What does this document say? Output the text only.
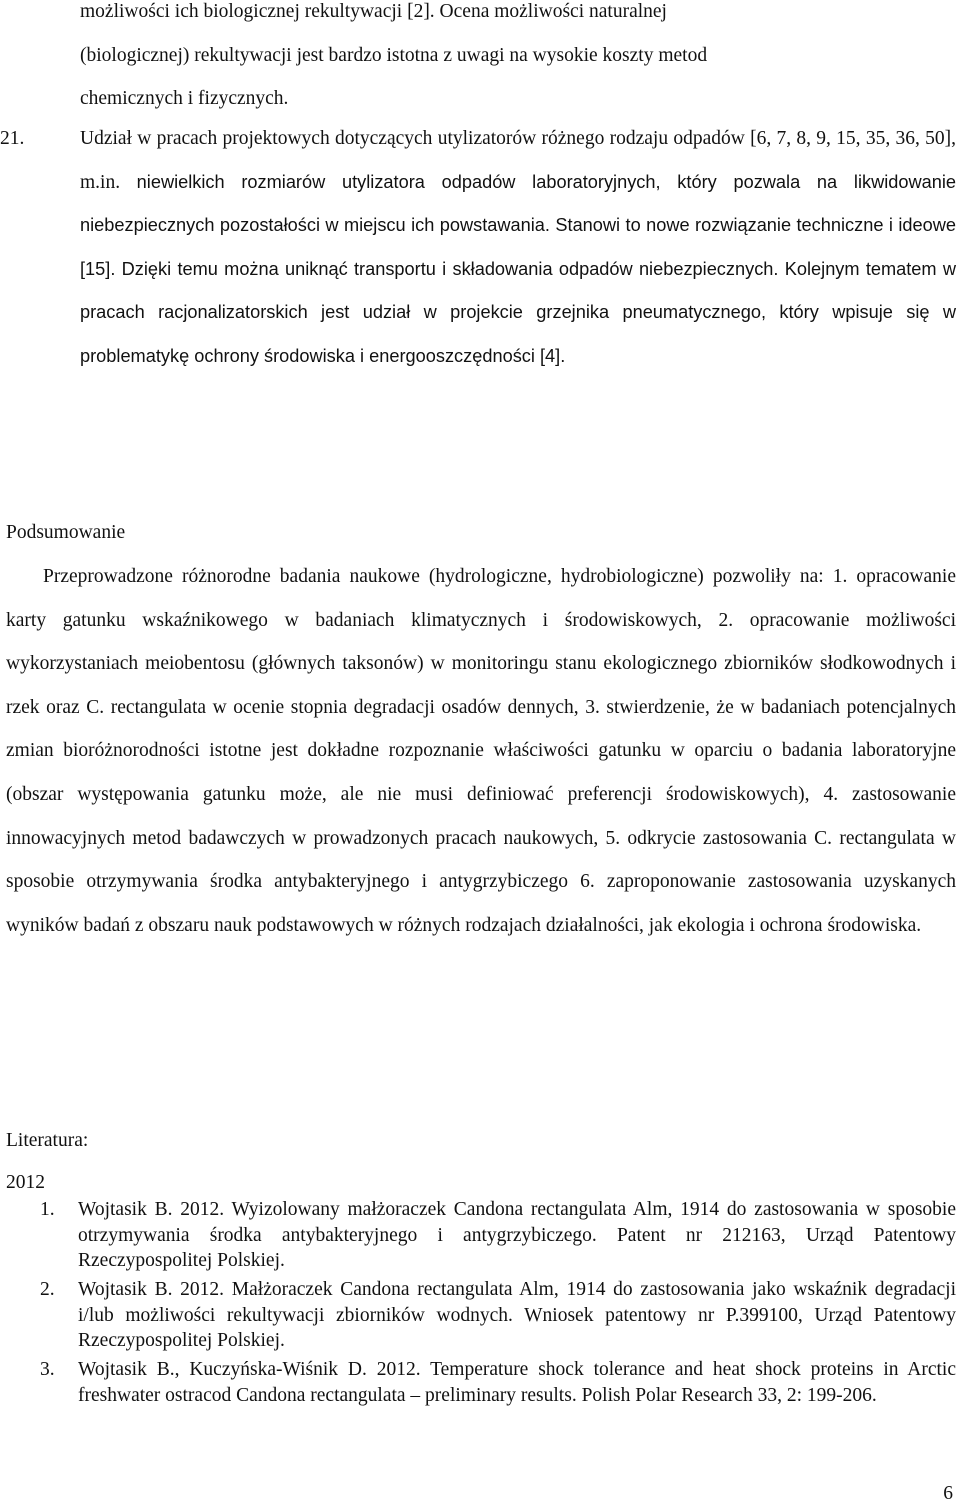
możliwości ich biologicznej rekultywacji [2]. Ocena możliwości naturalnej
(biologicznej) rekultywacji jest bardzo istotna z uwagi na wysokie koszty metod
chemicznych i fizycznych.
21.	Udział w pracach projektowych dotyczących utylizatorów różnego rodzaju odpadów [6, 7, 8, 9, 15, 35, 36, 50], m.in. niewielkich rozmiarów utylizatora odpadów laboratoryjnych, który pozwala na likwidowanie niebezpiecznych pozostałości w miejscu ich powstawania. Stanowi to nowe rozwiązanie techniczne i ideowe [15]. Dzięki temu można uniknąć transportu i składowania odpadów niebezpiecznych. Kolejnym tematem w pracach racjonalizatorskich jest udział w projekcie grzejnika pneumatycznego, który wpisuje się w problematykę ochrony środowiska i energooszczędności [4].
Podsumowanie

Przeprowadzone różnorodne badania naukowe (hydrologiczne, hydrobiologiczne) pozwoliły na: 1. opracowanie karty gatunku wskaźnikowego w badaniach klimatycznych i środowiskowych, 2. opracowanie możliwości wykorzystaniach meiobentosu (głównych taksonów) w monitoringu stanu ekologicznego zbiorników słodkowodnych i rzek oraz C. rectangulata w ocenie stopnia degradacji osadów dennych, 3. stwierdzenie, że w badaniach potencjalnych zmian bioróżnorodności istotne jest dokładne rozpoznanie właściwości gatunku w oparciu o badania laboratoryjne (obszar występowania gatunku może, ale nie musi definiować preferencji środowiskowych), 4. zastosowanie innowacyjnych metod badawczych w prowadzonych pracach naukowych, 5. odkrycie zastosowania C. rectangulata w sposobie otrzymywania środka antybakteryjnego i antygrzybiczego 6. zaproponowanie zastosowania uzyskanych wyników badań z obszaru nauk podstawowych w różnych rodzajach działalności, jak ekologia i ochrona środowiska.

Literatura:

2012

1.	Wojtasik B. 2012. Wyizolowany małżoraczek Candona rectangulata Alm, 1914 do zastosowania w sposobie otrzymywania środka antybakteryjnego i antygrzybiczego. Patent nr 212163, Urząd Patentowy Rzeczypospolitej Polskiej.
2.	Wojtasik B. 2012. Małżoraczek Candona rectangulata Alm, 1914 do zastosowania jako wskaźnik degradacji i/lub możliwości rekultywacji zbiorników wodnych. Wniosek patentowy nr P.399100, Urząd Patentowy Rzeczypospolitej Polskiej.
3.	Wojtasik B., Kuczyńska-Wiśnik D. 2012. Temperature shock tolerance and heat shock proteins in Arctic freshwater ostracod Candona rectangulata – preliminary results. Polish Polar Research 33, 2: 199-206.
6
